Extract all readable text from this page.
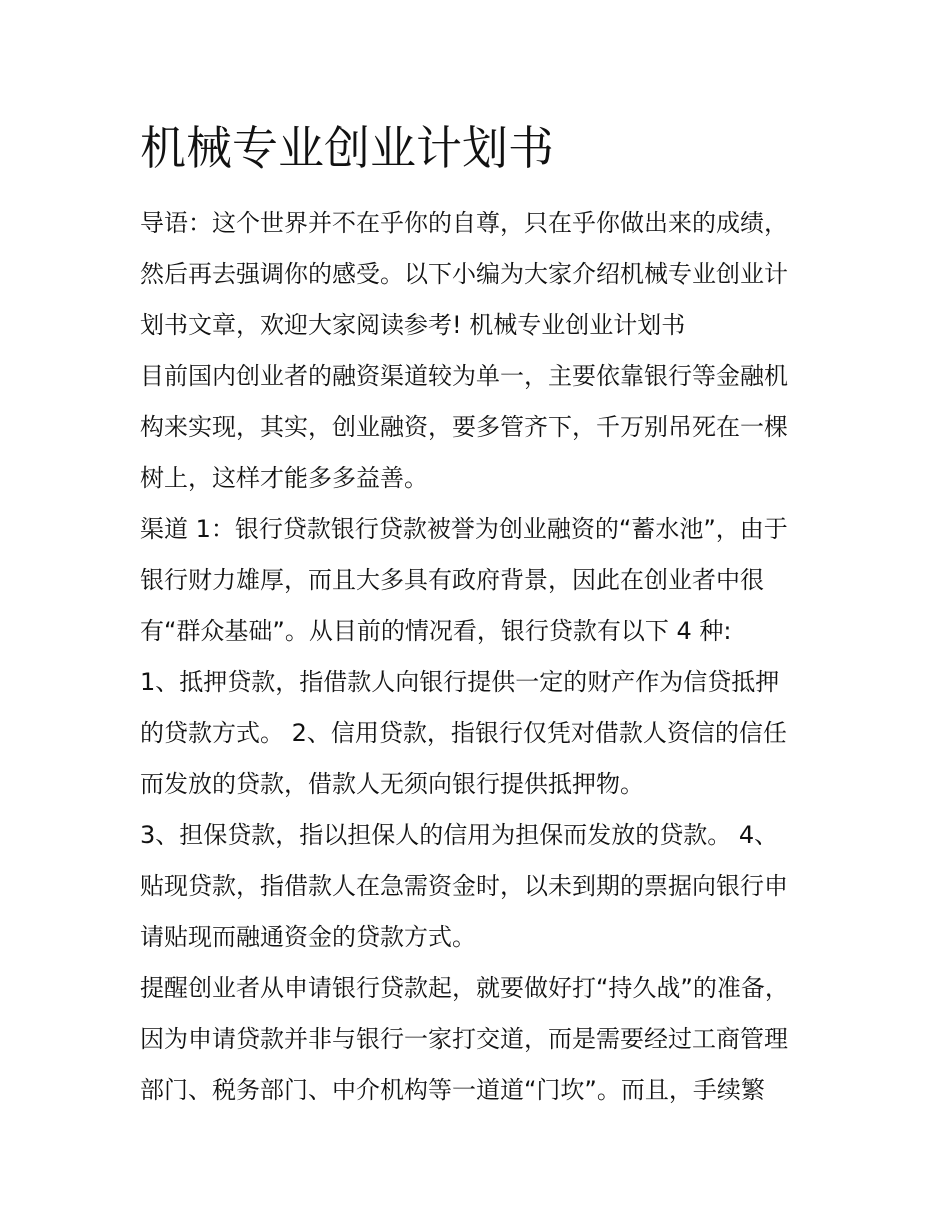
机械专业创业计划书

导语：这个世界并不在乎你的自尊，只在乎你做出来的成绩，

然后再去强调你的感受。以下小编为大家介绍机械专业创业计

划书文章，欢迎大家阅读参考! 机械专业创业计划书

目前国内创业者的融资渠道较为单一，主要依靠银行等金融机

构来实现，其实，创业融资，要多管齐下，千万别吊死在一棵

树上，这样才能多多益善。

渠道 1：银行贷款银行贷款被誉为创业融资的“蓄水池”，由于

银行财力雄厚，而且大多具有政府背景，因此在创业者中很

有“群众基础”。从目前的情况看，银行贷款有以下 4 种:

1、抵押贷款，指借款人向银行提供一定的财产作为信贷抵押

的贷款方式。 2、信用贷款，指银行仅凭对借款人资信的信任

而发放的贷款，借款人无须向银行提供抵押物。

3、担保贷款，指以担保人的信用为担保而发放的贷款。 4、

贴现贷款，指借款人在急需资金时，以未到期的票据向银行申

请贴现而融通资金的贷款方式。

提醒创业者从申请银行贷款起，就要做好打“持久战”的准备，

因为申请贷款并非与银行一家打交道，而是需要经过工商管理

部门、税务部门、中介机构等一道道“门坎”。而且，手续繁
